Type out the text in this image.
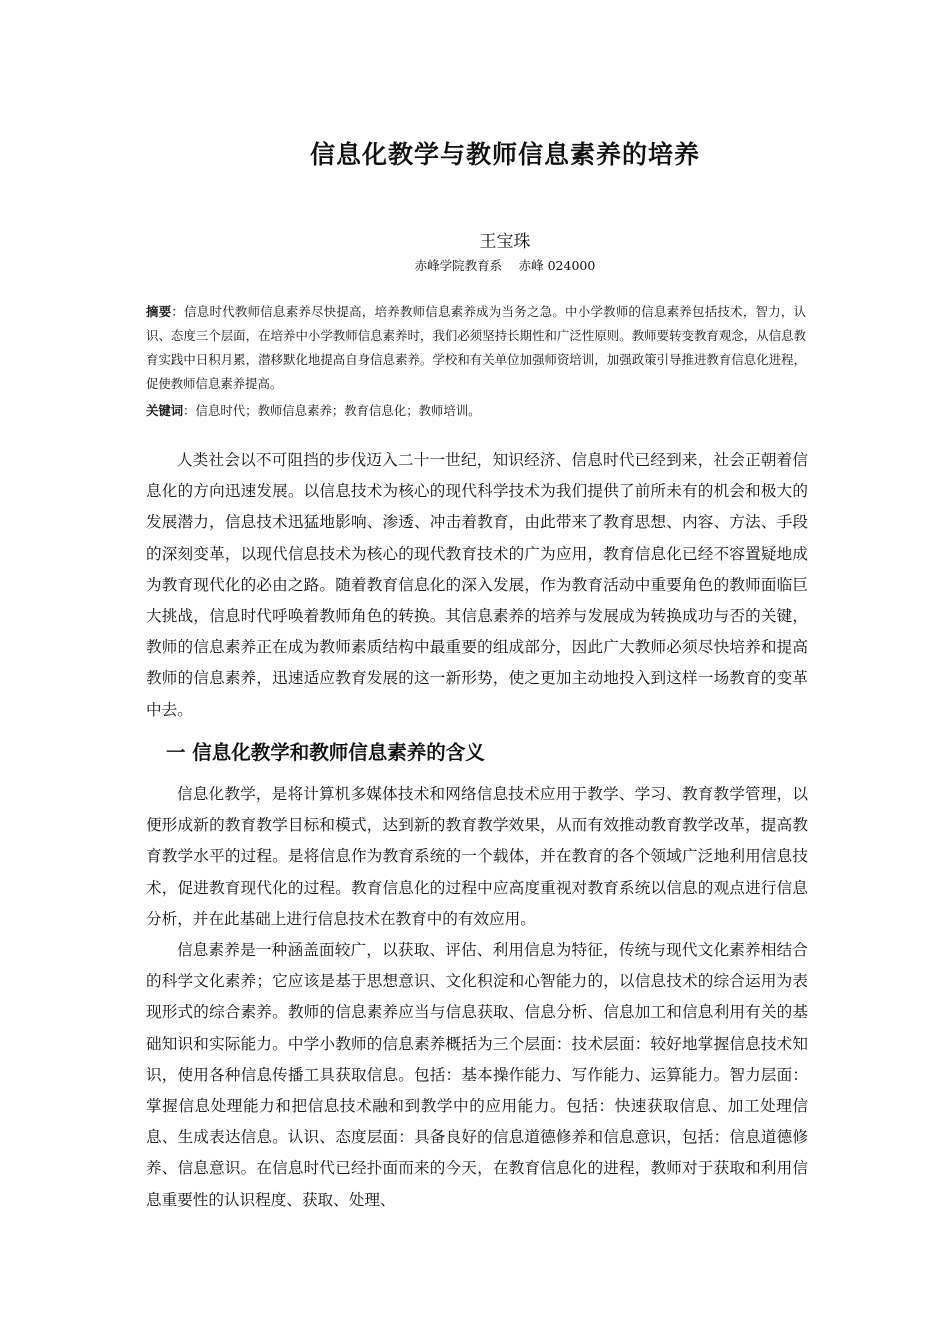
信息化教学与教师信息素养的培养
王宝珠
赤峰学院教育系　 赤峰 024000
摘要：信息时代教师信息素养尽快提高，培养教师信息素养成为当务之急。中小学教师的信息素养包括技术，智力，认识、态度三个层面，在培养中小学教师信息素养时，我们必须坚持长期性和广泛性原则。教师要转变教育观念，从信息教育实践中日积月累，潜移默化地提高自身信息素养。学校和有关单位加强师资培训，加强政策引导推进教育信息化进程，促使教师信息素养提高。
关键词：信息时代；教师信息素养；教育信息化；教师培训。
人类社会以不可阻挡的步伐迈入二十一世纪，知识经济、信息时代已经到来，社会正朝着信息化的方向迅速发展。以信息技术为核心的现代科学技术为我们提供了前所未有的机会和极大的发展潜力，信息技术迅猛地影响、渗透、冲击着教育，由此带来了教育思想、内容、方法、手段的深刻变革，以现代信息技术为核心的现代教育技术的广为应用，教育信息化已经不容置疑地成为教育现代化的必由之路。随着教育信息化的深入发展，作为教育活动中重要角色的教师面临巨大挑战，信息时代呼唤着教师角色的转换。其信息素养的培养与发展成为转换成功与否的关键，教师的信息素养正在成为教师素质结构中最重要的组成部分，因此广大教师必须尽快培养和提高教师的信息素养，迅速适应教育发展的这一新形势，使之更加主动地投入到这样一场教育的变革中去。
一 信息化教学和教师信息素养的含义
信息化教学，是将计算机多媒体技术和网络信息技术应用于教学、学习、教育教学管理，以便形成新的教育教学目标和模式，达到新的教育教学效果，从而有效推动教育教学改革，提高教育教学水平的过程。是将信息作为教育系统的一个载体，并在教育的各个领域广泛地利用信息技术，促进教育现代化的过程。教育信息化的过程中应高度重视对教育系统以信息的观点进行信息分析，并在此基础上进行信息技术在教育中的有效应用。
信息素养是一种涵盖面较广，以获取、评估、利用信息为特征，传统与现代文化素养相结合的科学文化素养；它应该是基于思想意识、文化积淀和心智能力的，以信息技术的综合运用为表现形式的综合素养。教师的信息素养应当与信息获取、信息分析、信息加工和信息利用有关的基础知识和实际能力。中学小教师的信息素养概括为三个层面：技术层面：较好地掌握信息技术知识，使用各种信息传播工具获取信息。包括：基本操作能力、写作能力、运算能力。智力层面：掌握信息处理能力和把信息技术融和到教学中的应用能力。包括：快速获取信息、加工处理信息、生成表达信息。认识、态度层面：具备良好的信息道德修养和信息意识，包括：信息道德修养、信息意识。在信息时代已经扑面而来的今天，在教育信息化的进程，教师对于获取和利用信息重要性的认识程度、获取、处理、
